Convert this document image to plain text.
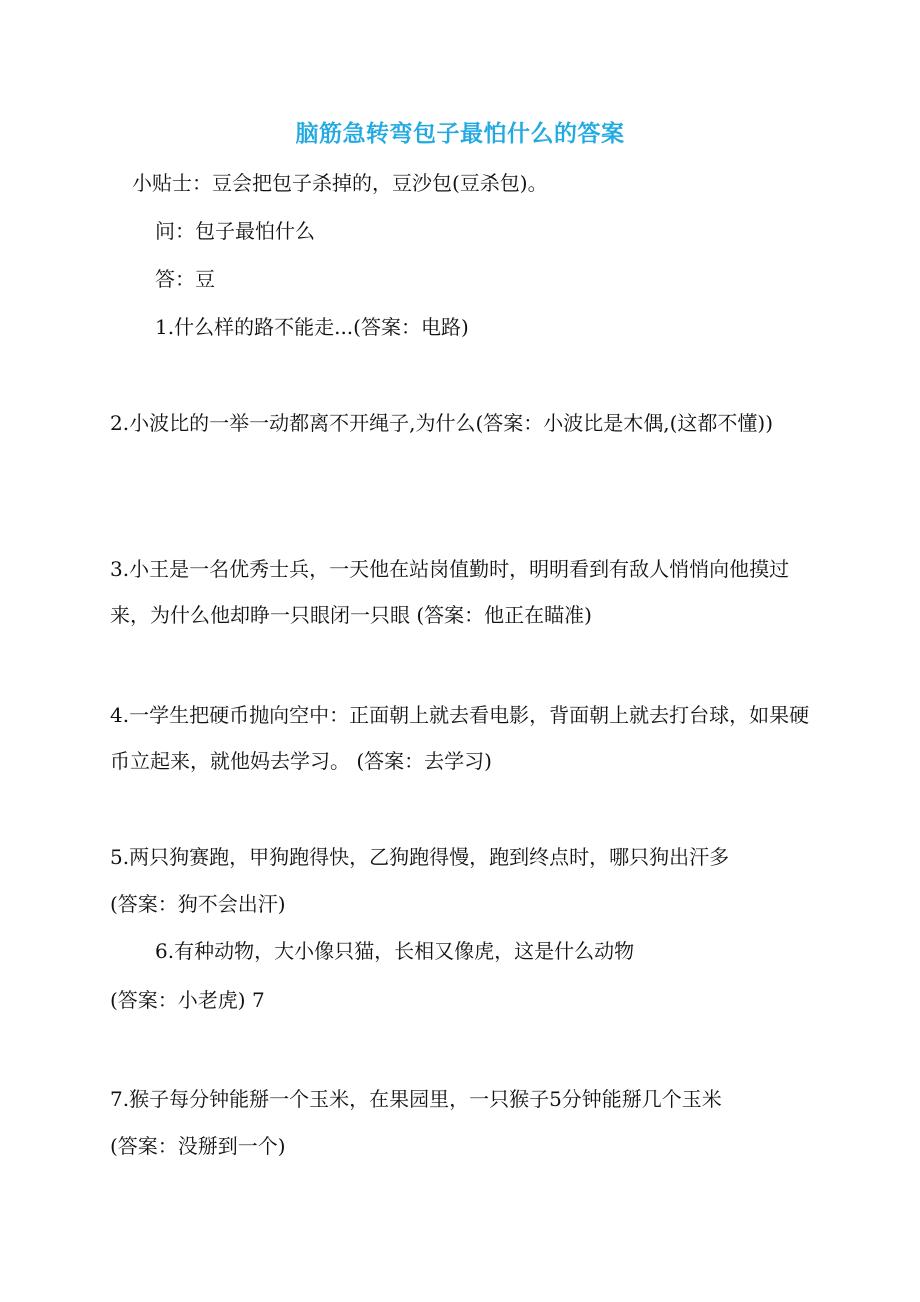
脑筋急转弯包子最怕什么的答案
小贴士：豆会把包子杀掉的，豆沙包(豆杀包)。
问：包子最怕什么
答：豆
1.什么样的路不能走...(答案：电路)
2.小波比的一举一动都离不开绳子,为什么(答案：小波比是木偶,(这都不懂))
3.小王是一名优秀士兵，一天他在站岗值勤时，明明看到有敌人悄悄向他摸过来，为什么他却睁一只眼闭一只眼 (答案：他正在瞄准)
4.一学生把硬币抛向空中：正面朝上就去看电影，背面朝上就去打台球，如果硬币立起来，就他妈去学习。 (答案：去学习)
5.两只狗赛跑，甲狗跑得快，乙狗跑得慢，跑到终点时，哪只狗出汗多
(答案：狗不会出汗)
6.有种动物，大小像只猫，长相又像虎，这是什么动物
(答案：小老虎) 7
7.猴子每分钟能掰一个玉米，在果园里，一只猴子5分钟能掰几个玉米
(答案：没掰到一个)
